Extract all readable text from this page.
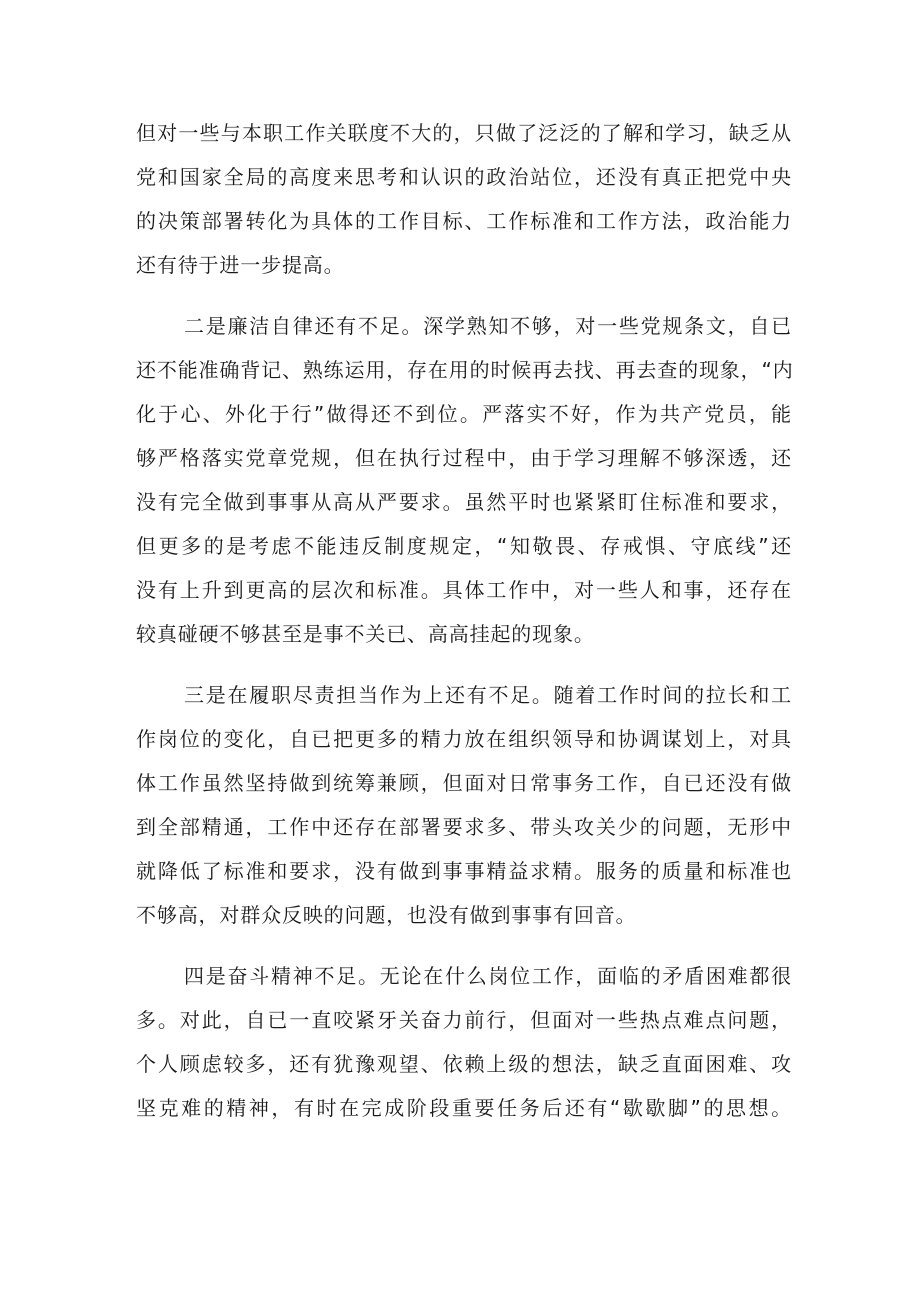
但对一些与本职工作关联度不大的，只做了泛泛的了解和学习，缺乏从
党和国家全局的高度来思考和认识的政治站位，还没有真正把党中央
的决策部署转化为具体的工作目标、工作标准和工作方法，政治能力
还有待于进一步提高。
二是廉洁自律还有不足。深学熟知不够，对一些党规条文，自已
还不能准确背记、熟练运用，存在用的时候再去找、再去查的现象，“内
化于心、外化于行”做得还不到位。严落实不好，作为共产党员，能
够严格落实党章党规，但在执行过程中，由于学习理解不够深透，还
没有完全做到事事从高从严要求。虽然平时也紧紧盯住标准和要求，
但更多的是考虑不能违反制度规定，“知敬畏、存戒惧、守底线”还
没有上升到更高的层次和标准。具体工作中，对一些人和事，还存在
较真碰硬不够甚至是事不关已、高高挂起的现象。
三是在履职尽责担当作为上还有不足。随着工作时间的拉长和工
作岗位的变化，自已把更多的精力放在组织领导和协调谋划上，对具
体工作虽然坚持做到统筹兼顾，但面对日常事务工作，自已还没有做
到全部精通，工作中还存在部署要求多、带头攻关少的问题，无形中
就降低了标准和要求，没有做到事事精益求精。服务的质量和标准也
不够高，对群众反映的问题，也没有做到事事有回音。
四是奋斗精神不足。无论在什么岗位工作，面临的矛盾困难都很
多。对此，自已一直咬紧牙关奋力前行，但面对一些热点难点问题，
个人顾虑较多，还有犹豫观望、依赖上级的想法，缺乏直面困难、攻
坚克难的精神，有时在完成阶段重要任务后还有“歇歇脚”的思想。
